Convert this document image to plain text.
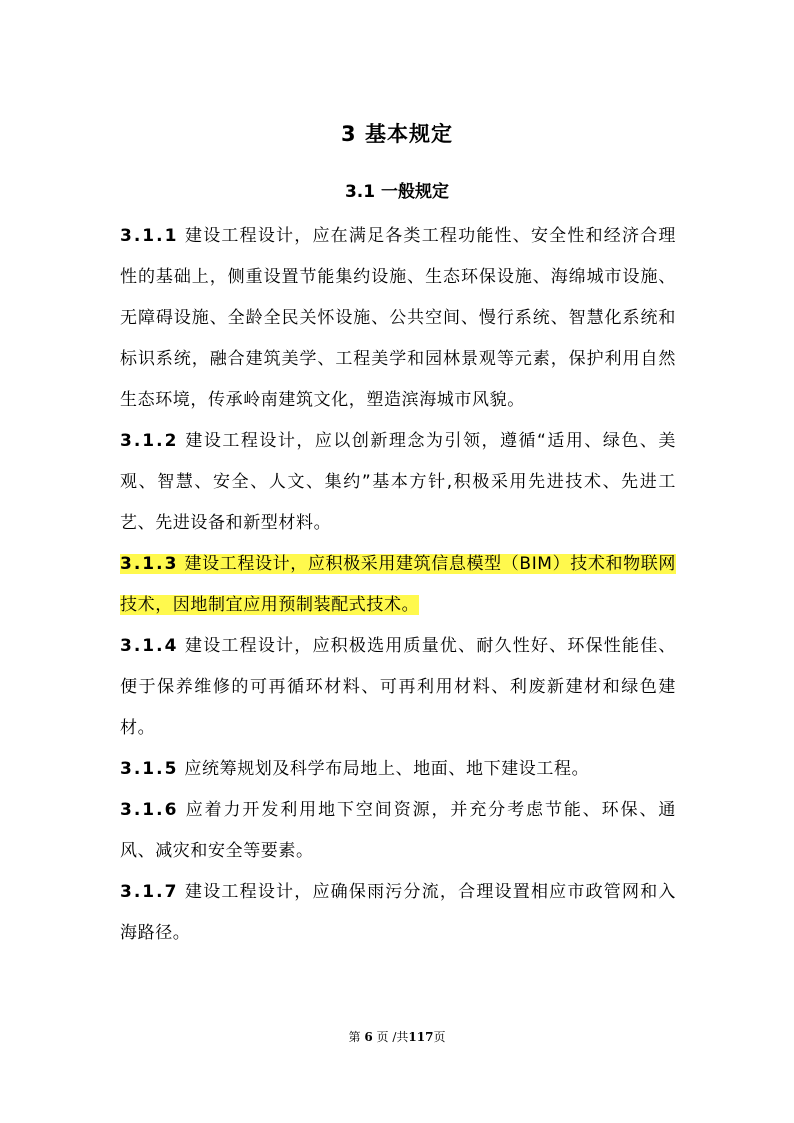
3 基本规定
3.1 一般规定

3.1.1 建设工程设计，应在满足各类工程功能性、安全性和经济合理性的基础上，侧重设置节能集约设施、生态环保设施、海绵城市设施、无障碍设施、全龄全民关怀设施、公共空间、慢行系统、智慧化系统和标识系统，融合建筑美学、工程美学和园林景观等元素，保护利用自然生态环境，传承岭南建筑文化，塑造滨海城市风貌。

3.1.2 建设工程设计，应以创新理念为引领，遵循“适用、绿色、美观、智慧、安全、人文、集约”基本方针,积极采用先进技术、先进工艺、先进设备和新型材料。

3.1.3 建设工程设计，应积极采用建筑信息模型（BIM）技术和物联网技术，因地制宜应用预制装配式技术。

3.1.4 建设工程设计，应积极选用质量优、耐久性好、环保性能佳、便于保养维修的可再循环材料、可再利用材料、利废新建材和绿色建材。

3.1.5 应统筹规划及科学布局地上、地面、地下建设工程。

3.1.6 应着力开发利用地下空间资源，并充分考虑节能、环保、通风、减灾和安全等要素。

3.1.7 建设工程设计，应确保雨污分流，合理设置相应市政管网和入海路径。

第 6 页 /共117页
